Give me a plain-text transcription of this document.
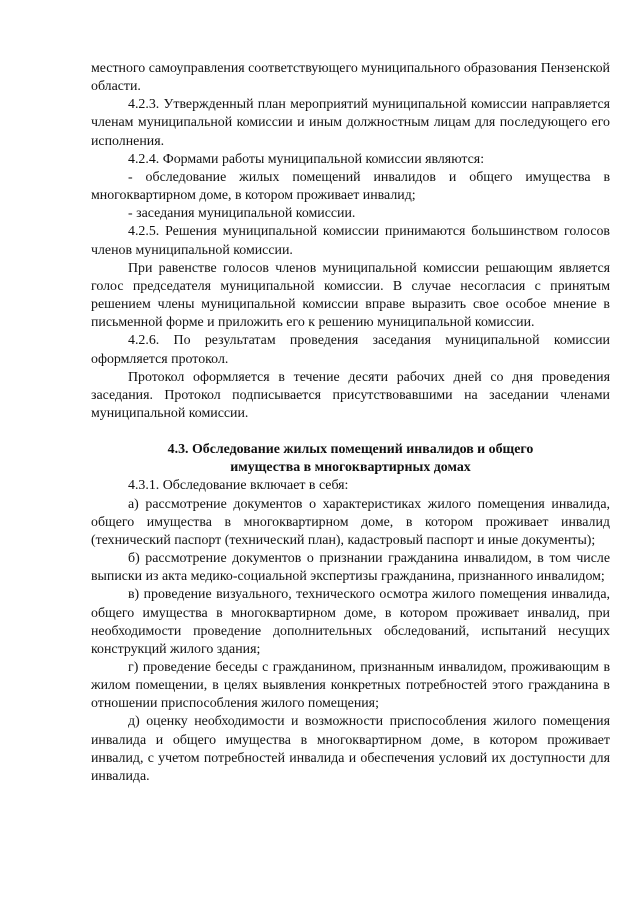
местного самоуправления соответствующего муниципального образования Пензенской области.

4.2.3. Утвержденный план мероприятий муниципальной комиссии направляется членам муниципальной комиссии и иным должностным лицам для последующего его исполнения.

4.2.4. Формами работы муниципальной комиссии являются:

- обследование жилых помещений инвалидов и общего имущества в многоквартирном доме, в котором проживает инвалид;

- заседания муниципальной комиссии.

4.2.5. Решения муниципальной комиссии принимаются большинством голосов членов муниципальной комиссии.

При равенстве голосов членов муниципальной комиссии решающим является голос председателя муниципальной комиссии. В случае несогласия с принятым решением члены муниципальной комиссии вправе выразить свое особое мнение в письменной форме и приложить его к решению муниципальной комиссии.

4.2.6. По результатам проведения заседания муниципальной комиссии оформляется протокол.

Протокол оформляется в течение десяти рабочих дней со дня проведения заседания. Протокол подписывается присутствовавшими на заседании членами муниципальной комиссии.

4.3. Обследование жилых помещений инвалидов и общего
имущества в многоквартирных домах

4.3.1. Обследование включает в себя:

а) рассмотрение документов о характеристиках жилого помещения инвалида, общего имущества в многоквартирном доме, в котором проживает инвалид (технический паспорт (технический план), кадастровый паспорт и иные документы);

б) рассмотрение документов о признании гражданина инвалидом, в том числе выписки из акта медико-социальной экспертизы гражданина, признанного инвалидом;

в) проведение визуального, технического осмотра жилого помещения инвалида, общего имущества в многоквартирном доме, в котором проживает инвалид, при необходимости проведение дополнительных обследований, испытаний несущих конструкций жилого здания;

г) проведение беседы с гражданином, признанным инвалидом, проживающим в жилом помещении, в целях выявления конкретных потребностей этого гражданина в отношении приспособления жилого помещения;

д) оценку необходимости и возможности приспособления жилого помещения инвалида и общего имущества в многоквартирном доме, в котором проживает инвалид, с учетом потребностей инвалида и обеспечения условий их доступности для инвалида.
